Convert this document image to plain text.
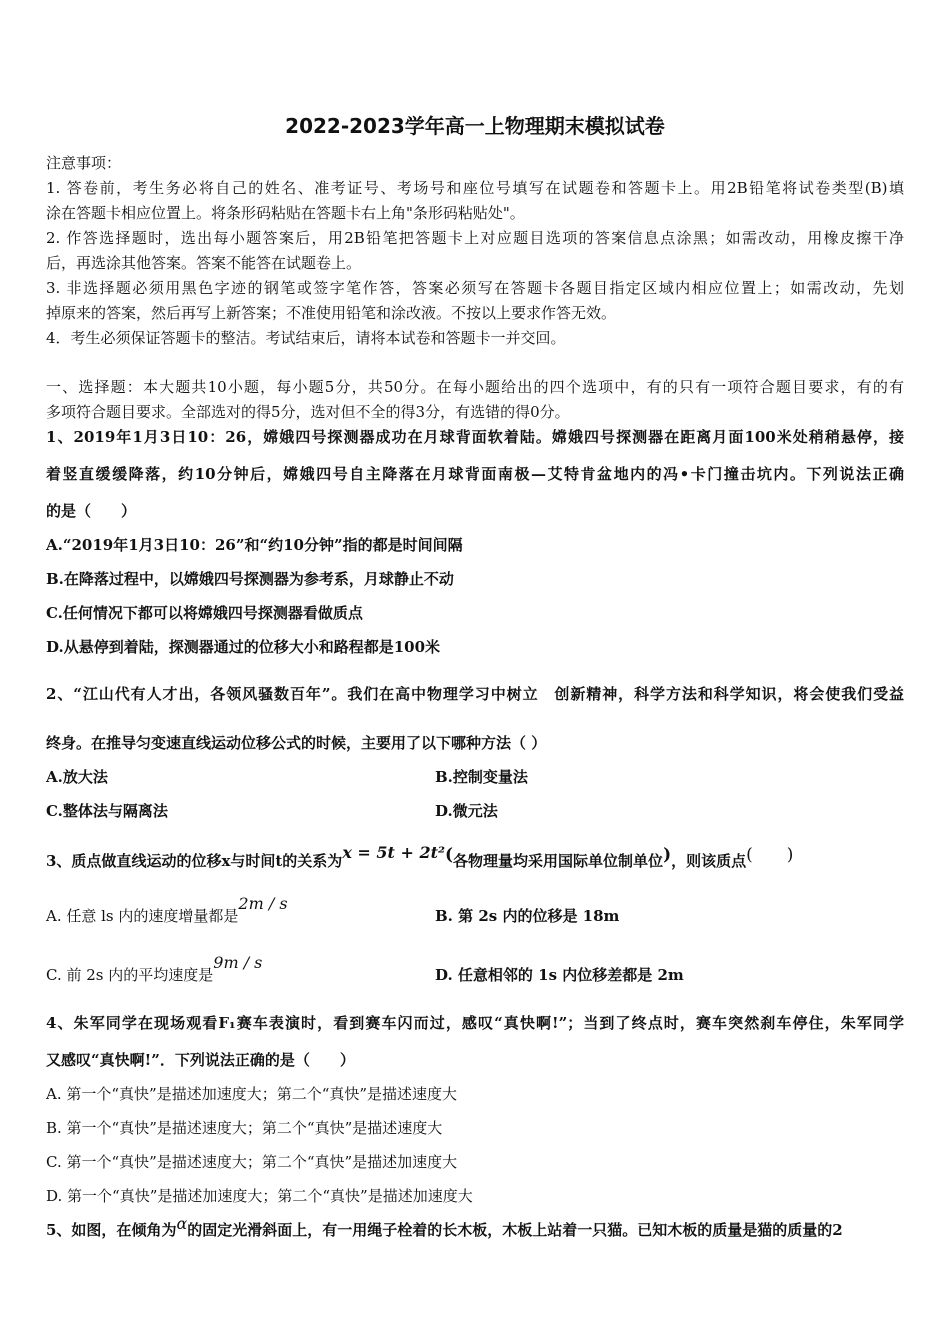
2022-2023学年高一上物理期末模拟试卷
注意事项：
1. 答卷前，考生务必将自己的姓名、准考证号、考场号和座位号填写在试题卷和答题卡上。用2B铅笔将试卷类型(B)填
涂在答题卡相应位置上。将条形码粘贴在答题卡右上角"条形码粘贴处"。
2. 作答选择题时，选出每小题答案后，用2B铅笔把答题卡上对应题目选项的答案信息点涂黑；如需改动，用橡皮擦干净
后，再选涂其他答案。答案不能答在试题卷上。
3. 非选择题必须用黑色字迹的钢笔或签字笔作答，答案必须写在答题卡各题目指定区域内相应位置上；如需改动，先划
掉原来的答案，然后再写上新答案；不准使用铅笔和涂改液。不按以上要求作答无效。
4．考生必须保证答题卡的整洁。考试结束后，请将本试卷和答题卡一并交回。
一、选择题：本大题共10小题，每小题5分，共50分。在每小题给出的四个选项中，有的只有一项符合题目要求，有的有
多项符合题目要求。全部选对的得5分，选对但不全的得3分，有选错的得0分。
1、2019年1月3日10：26，嫦娥四号探测器成功在月球背面软着陆。嫦娥四号探测器在距离月面100米处稍稍悬停，接
着竖直缓缓降落，约10分钟后，嫦娥四号自主降落在月球背面南极—艾特肯盆地内的冯•卡门撞击坑内。下列说法正确
的是（　　）
A.“2019年1月3日10：26”和“约10分钟”指的都是时间间隔
B.在降落过程中，以嫦娥四号探测器为参考系，月球静止不动
C.任何情况下都可以将嫦娥四号探测器看做质点
D.从悬停到着陆，探测器通过的位移大小和路程都是100米
2、“江山代有人才出，各领风骚数百年”。我们在高中物理学习中树立　创新精神，科学方法和科学知识，将会使我们受益
终身。在推导匀变速直线运动位移公式的时候，主要用了以下哪种方法（ ）
A.放大法	B.控制变量法
C.整体法与隔离法	D.微元法
3、质点做直线运动的位移x与时间t的关系为x = 5t + 2t²(各物理量均采用国际单位制单位)，则该质点(　　)
A. 任意 ls 内的速度增量都是2m / s
B. 第 2s 内的位移是 18m
C. 前 2s 内的平均速度是9m / s
D. 任意相邻的 1s 内位移差都是 2m
4、朱军同学在现场观看F₁赛车表演时，看到赛车闪而过，感叹“真快啊!”；当到了终点时，赛车突然刹车停住，朱军同学
又感叹“真快啊!”．下列说法正确的是（　　）
A. 第一个“真快”是描述加速度大；第二个“真快”是描述速度大
B. 第一个“真快”是描述速度大；第二个“真快”是描述速度大
C. 第一个“真快”是描述速度大；第二个“真快”是描述加速度大
D. 第一个“真快”是描述加速度大；第二个“真快”是描述加速度大
5、如图，在倾角为α的固定光滑斜面上，有一用绳子栓着的长木板，木板上站着一只猫。已知木板的质量是猫的质量的2
